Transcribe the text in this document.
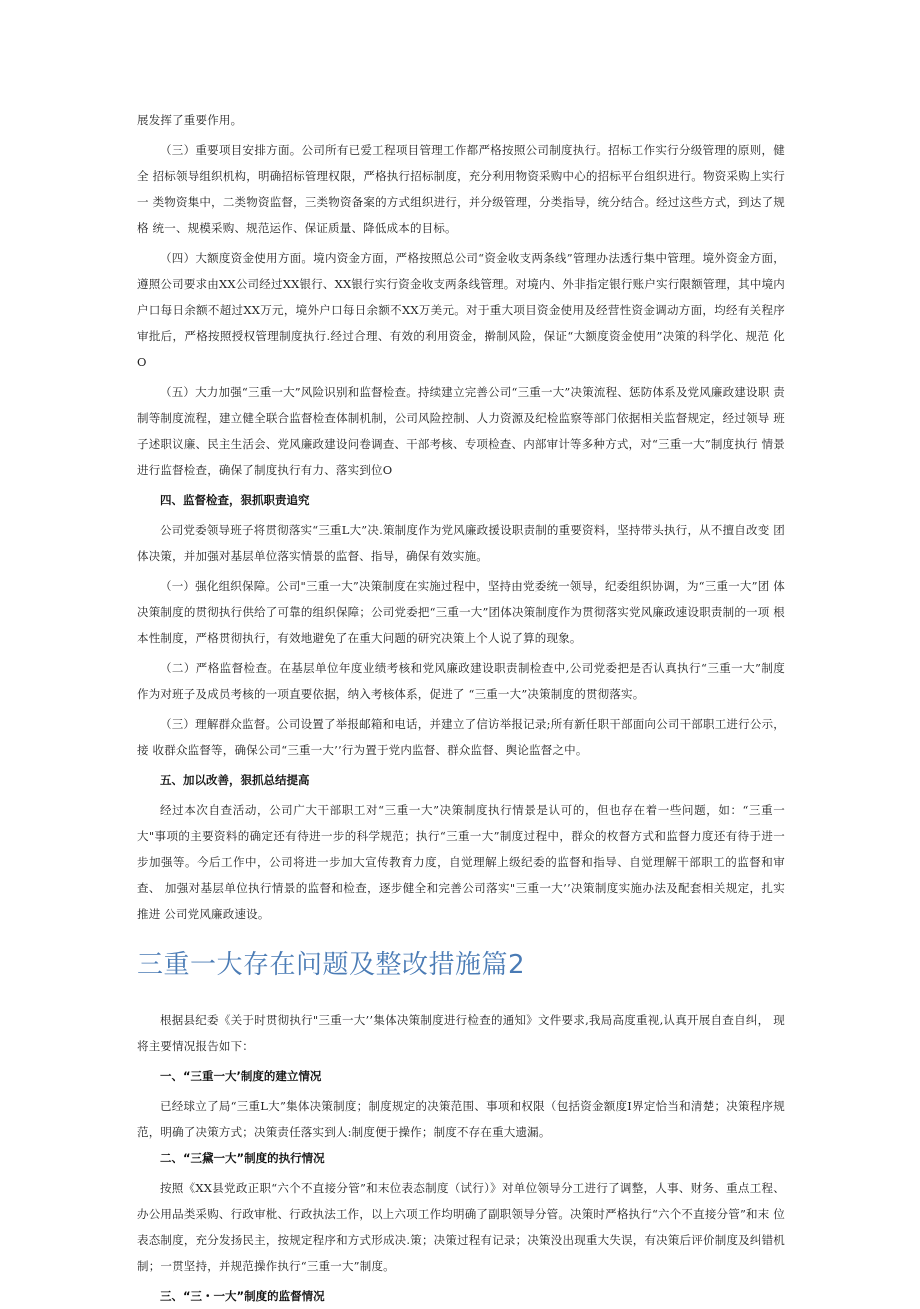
展发挥了重要作用。

（三）重要项目安排方面。公司所有已爱工程项目管理工作都严格按照公司制度执行。招标工作实行分级管理的原则，健全 招标领导组织机构，明确招标管理权限，严格执行招标制度，充分利用物资采购中心的招标平台组织进行。物资采购上实行一 类物资集中，二类物资监督，三类物资备案的方式组织进行，并分级管理，分类指导，统分结合。经过这些方式，到达了规格 统一、规模采购、规范运作、保证质量、降低成本的目标。

（四）大额度资金使用方面。境内资金方面，严格按照总公司“资金收支两条线”管理办法透行集中管理。境外资金方面， 遵照公司要求由XX公司经过XX银行、XX银行实行资金收支两条线管理。对境内、外非指定银行账户实行限额管理，其中境内 户口每日余额不超过XX万元，境外户口每日余额不XX万美元。对于重大项目资金使用及经营性资金调动方面，均经有关程序 审批后，严格按照授权管理制度执行.经过合理、有效的利用资金，擀制风险，保证“大额度资金使用”决策的科学化、规范 化O

（五）大力加强“三重一大”风险识别和监督检查。持续建立完善公司“三重一大”决策流程、惩防体系及党风廉政建设职 责制等制度流程，建立健全联合监督检查体制机制，公司风险控制、人力资源及纪检监察等部门依据相关监督规定，经过领导 班子述职议廉、民主生活会、党风廉政建设问卷调查、干部考核、专项检查、内部审计等多种方式，对“三重一大”制度执行 情景进行监督检查，确保了制度执行有力、落实到位O

四、监督检查，狠抓职责追究

公司党委领导班子将贯彻落实“三重L大”决.策制度作为党风廉政援设职责制的重要资料，坚持带头执行，从不擅自改变 团体决策，并加强对基层单位落实情景的监督、指导，确保有效实施。

（一）强化组织保障。公司"三重一大”决策制度在实施过程中，坚持由党委统一领导，纪委组织协调，为“三重一大”团 体决策制度的贯彻执行供给了可靠的组织保障；公司党委把“三重一大”团体决策制度作为贯彻落实党风廉政速设职责制的一项 根本性制度，严格贯彻执行，有效地避免了在重大问题的研究决策上个人说了算的现象。

（二）严格监督检查。在基层单位年度业绩考核和党风廉政建设职责制检查中,公司党委把是否认真执行“三重一大”制度 作为对班子及成员考核的一项直要依据，纳入考核体系，促进了 “三重一大”决策制度的贯彻落实。

（三）理解群众监督。公司设置了举报邮箱和电话，并建立了信访举报记录;所有新任职干部面向公司干部职工进行公示，接 收群众监督等，确保公司“三重一大’’行为置于党内监督、群众监督、舆论监督之中。

五、加以改善，狠抓总结提高

经过本次自查活动，公司广大干部职工对“三重一大”决策制度执行情景是认可的，但也存在着一些问题，如：“三重一 大"事项的主要资料的确定还有待进一步的科学规范；执行“三重一大”制度过程中，群众的枚督方式和监督力度还有待于进一 步加强等。今后工作中，公司将进一步加大宣传教育力度，自觉理解上级纪委的监督和指导、自觉理解干部职工的监督和审查、 加强对基层单位执行情景的监督和检查，逐步健全和完善公司落实"三重一大’’决策制度实施办法及配套相关规定，扎实推进 公司党风廉政速设。

三重一大存在问题及整改措施篇2

根据县纪委《关于时贯彻执行"三重一大’’集体决策制度进行检查的通知》文件要求,我局高度重视,认真开展自查自纠， 现将主要情况报告如下：

一、“三重一大’制度的建立情况

已经球立了局“三重L大”集体决策制度；制度规定的决策范围、事项和权限（包括资金额度I界定恰当和清楚；决策程序规 范，明确了决策方式；决策责任落实到人:制度便于操作；制度不存在重大遗漏。

二、“三黛一大”制度的执行情况

按照《XX县党政正职“六个不直接分管”和末位表态制度（试行）》对单位领导分工进行了调整，人事、财务、重点工程、 办公用品类采购、行政审枇、行政执法工作，以上六项工作均明确了副职领导分管。决策时严格执行“六个不直接分管”和末 位表态制度，充分发扬民主，按规定程序和方式形成决.策；决策过程有记录；决策没出现重大失误，有决策后评价制度及纠错机 制；一贯坚持，并规范操作执行“三重一大”制度。

三、“三・一大”制度的监督情况
